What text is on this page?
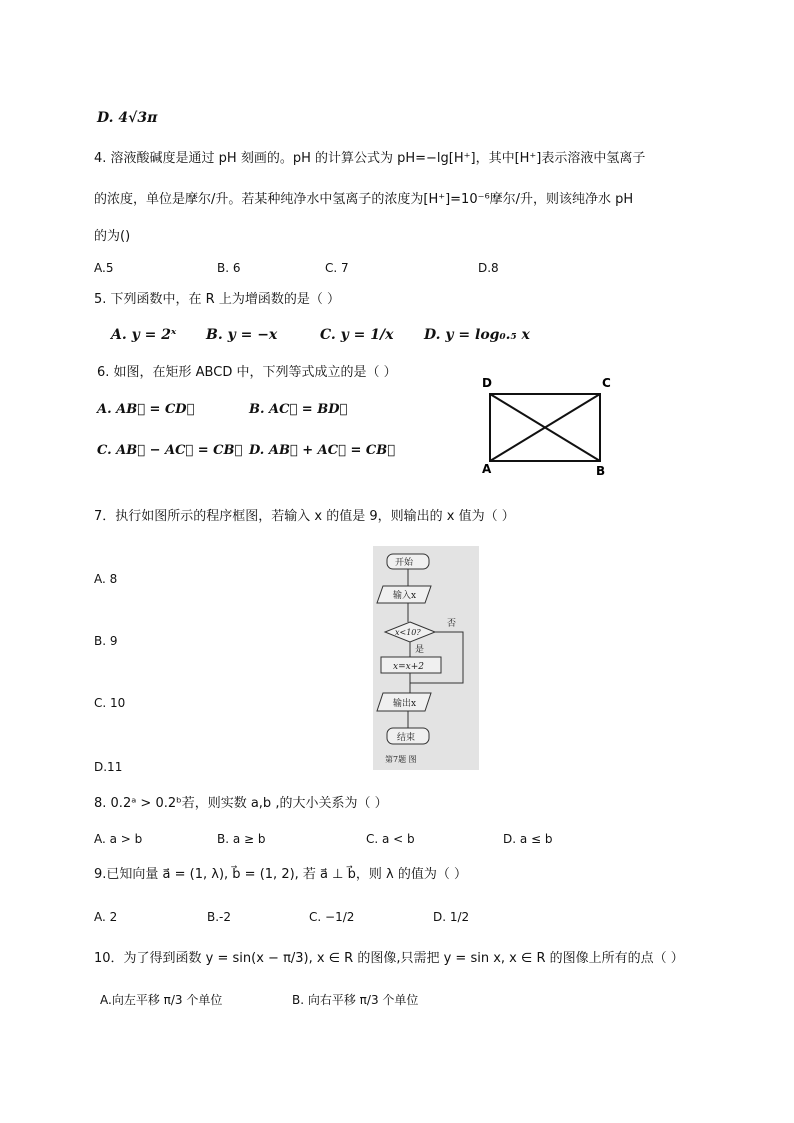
D. 4√3π
4. 溶液酸碱度是通过 pH 刻画的。pH 的计算公式为 pH=−lg[H⁺]，其中[H⁺]表示溶液中氢离子
的浓度，单位是摩尔/升。若某种纯净水中氢离子的浓度为[H⁺]=10⁻⁶摩尔/升，则该纯净水 pH
的为()
A.5	B. 6	C. 7	D.8
5. 下列函数中，在 R 上为增函数的是（ ）
A. y = 2ˣ B. y = −x	C. y = 1/x D. y = log₀.₅ x
6. 如图，在矩形 ABCD 中，下列等式成立的是（ ）
A. AB⃗ = CD⃗	B. AC⃗ = BD⃗
C. AB⃗ − AC⃗ = CB⃗ D. AB⃗ + AC⃗ = CB⃗
D	C
A	B
7．执行如图所示的程序框图，若输入 x 的值是 9，则输出的 x 值为（ ）
A. 8
B. 9
C. 10
D.11
开始
输入x
x<10?
否
是
x=x+2
输出x
结束
第7题 图
8. 0.2ᵃ > 0.2ᵇ若，则实数 a,b ,的大小关系为（ ）
A. a > b	B. a ≥ b	C. a < b	D. a ≤ b
9.已知向量 a⃗ = (1, λ), b⃗ = (1, 2), 若 a⃗ ⊥ b⃗，则 λ 的值为（ ）
A. 2	B.-2	C. −1/2	D. 1/2
10．为了得到函数 y = sin(x − π/3), x ∈ R 的图像,只需把 y = sin x, x ∈ R 的图像上所有的点（ ）
A.向左平移 π/3 个单位	B. 向右平移 π/3 个单位
